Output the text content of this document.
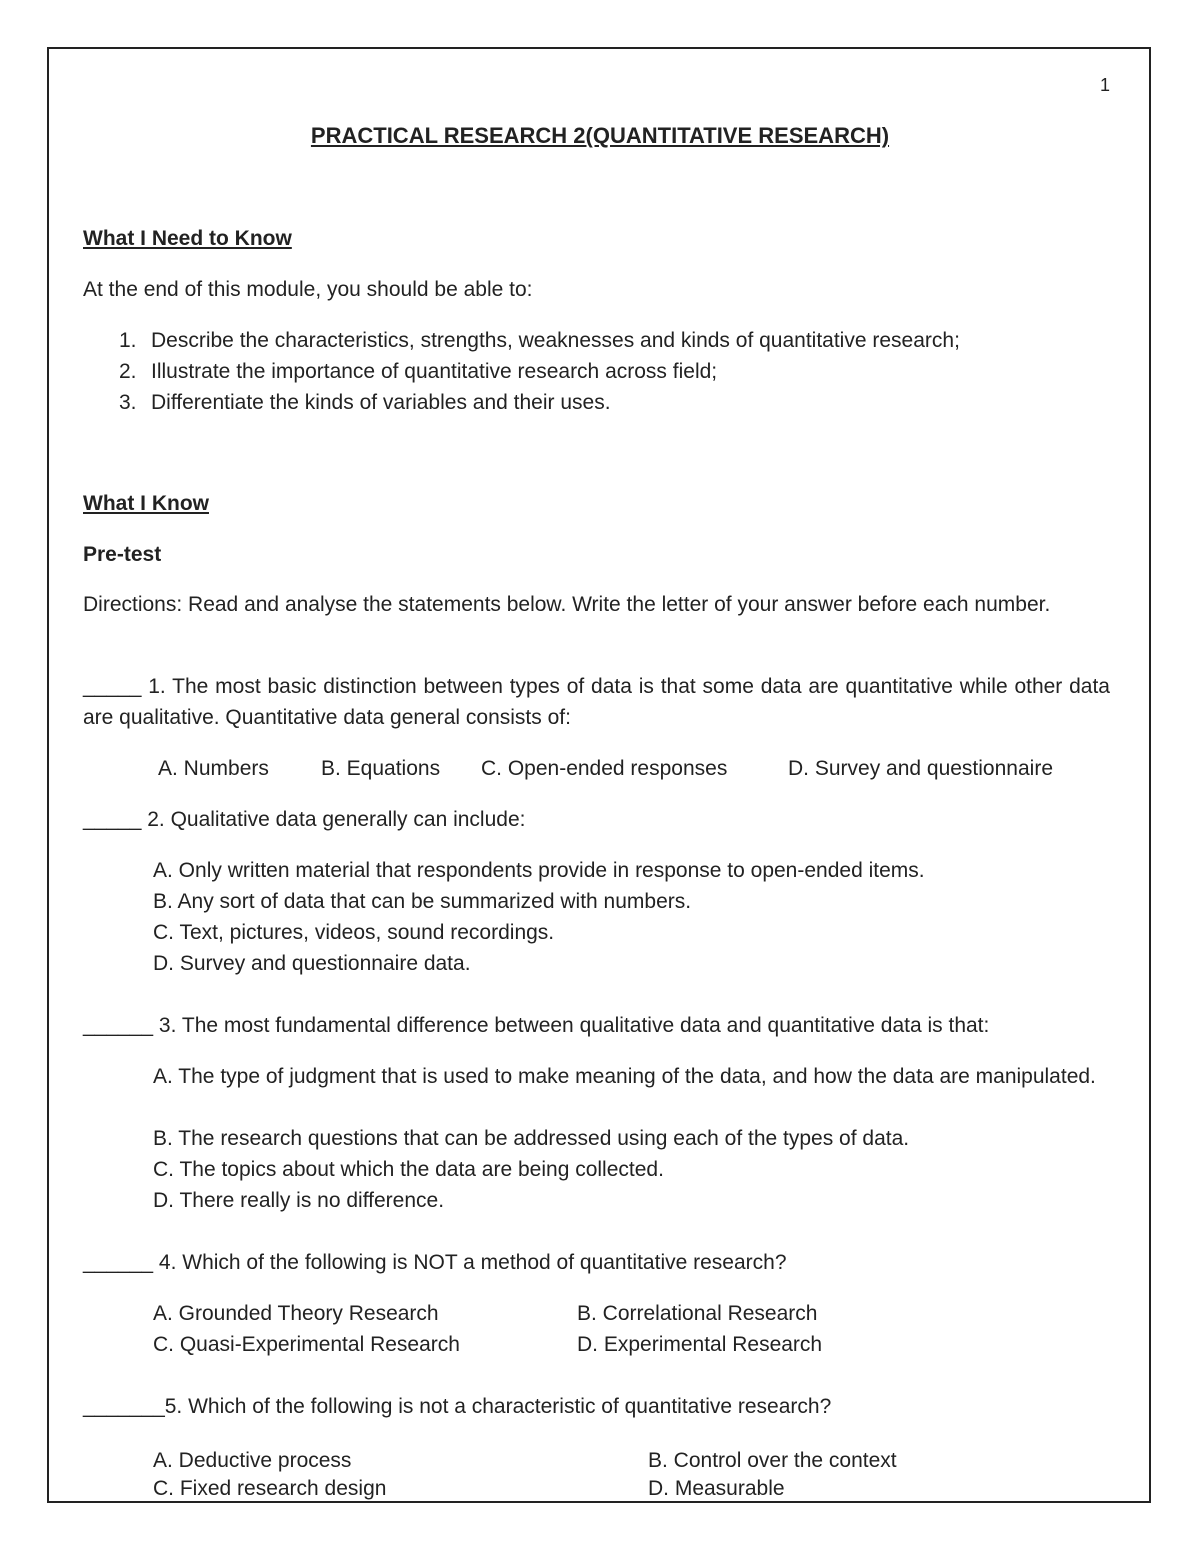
1
PRACTICAL RESEARCH 2(QUANTITATIVE RESEARCH)
What I Need to Know
At the end of this module, you should be able to:
1. Describe the characteristics, strengths, weaknesses and kinds of quantitative research;
2. Illustrate the importance of quantitative research across field;
3. Differentiate the kinds of variables and their uses.
What I Know
Pre-test
Directions: Read and analyse the statements below. Write the letter of your answer before each number.
_____ 1. The most basic distinction between types of data is that some data are quantitative while other data are qualitative. Quantitative data general consists of:
A. Numbers B. Equations C. Open-ended responses	D. Survey and questionnaire
_____ 2. Qualitative data generally can include:
A. Only written material that respondents provide in response to open-ended items.
B. Any sort of data that can be summarized with numbers.
C. Text, pictures, videos, sound recordings.
D. Survey and questionnaire data.
______ 3. The most fundamental difference between qualitative data and quantitative data is that:
A. The type of judgment that is used to make meaning of the data, and how the data are manipulated.
B. The research questions that can be addressed using each of the types of data.
C. The topics about which the data are being collected.
D. There really is no difference.
______ 4. Which of the following is NOT a method of quantitative research?
A. Grounded Theory Research	B. Correlational Research
C. Quasi-Experimental Research	D. Experimental Research
_______5. Which of the following is not a characteristic of quantitative research?
A. Deductive process	B. Control over the context
C. Fixed research design	D. Measurable
